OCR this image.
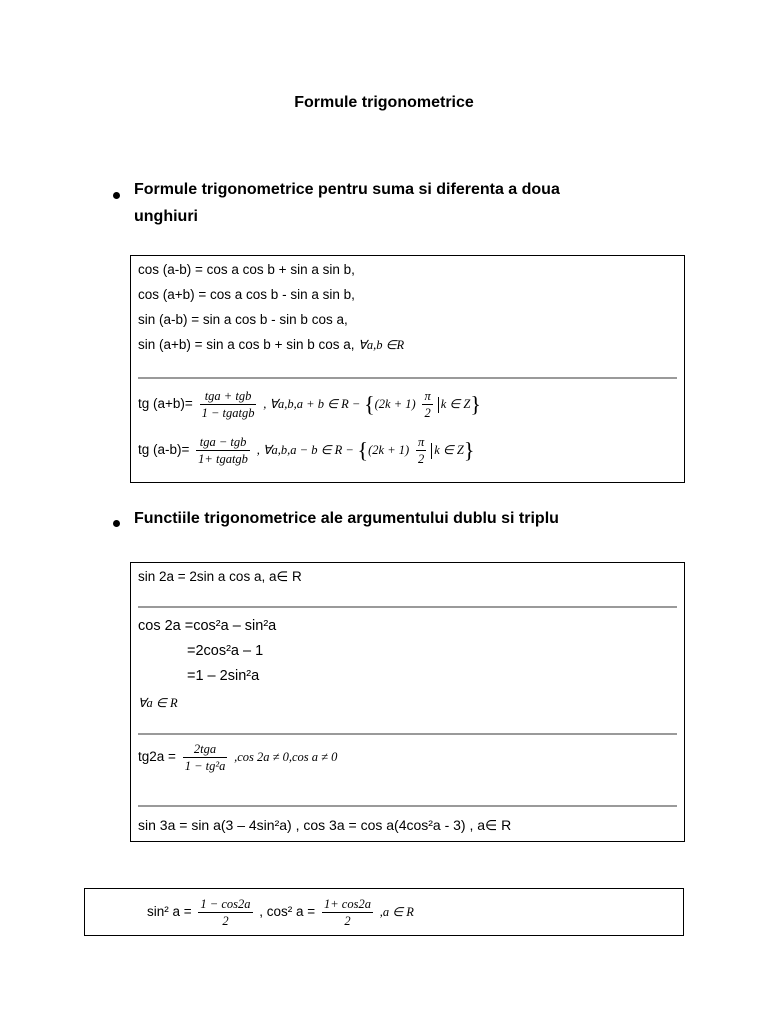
Formule trigonometrice
Formule trigonometrice pentru suma si diferenta a doua
unghiuri
cos (a-b) = cos a cos b + sin a sin b,
cos (a+b) = cos a cos b - sin a sin b,
sin (a-b) = sin a cos b - sin b cos a,
sin (a+b) = sin a cos b + sin b cos a, ∀a,b ∈R
tg $(a+b)= \frac{\text{tga + tgb}}{\text{1 − tgatgb}}$ , ∀a,b,a + b ∈ $R - \{(2k + 1) \frac{\pi}{2}$ k ∈ Z}
tg $(a-b)= \frac{\text{tga − tgb}}{\text{1+ tgatgb}}$ , ∀a,b,a − b ∈ $R - \{(2k + 1) \frac{\pi}{2}$ k ∈ Z}
Functiile trigonometrice ale argumentului dublu si triplu
sin 2a = 2sin a cos a, a∈ R
cos 2a =cos²a – sin²a
=2cos²a – 1
=1 – 2sin²a
∀a ∈ R
$tg2a = \frac{\text{2tga}}{\text{1 − tg²a}} ,\cos$ 2a ≠ 0,cos a ≠ 0
sin 3a = sin a(3 – 4sin²a) , cos 3a = cos a(4cos²a - 3) , a∈ R
sin² $a = \frac{1 - \cos 2a}{2}$ , cos² $a = \frac{1+ \cos 2a}{2} ,a$ ∈ R
